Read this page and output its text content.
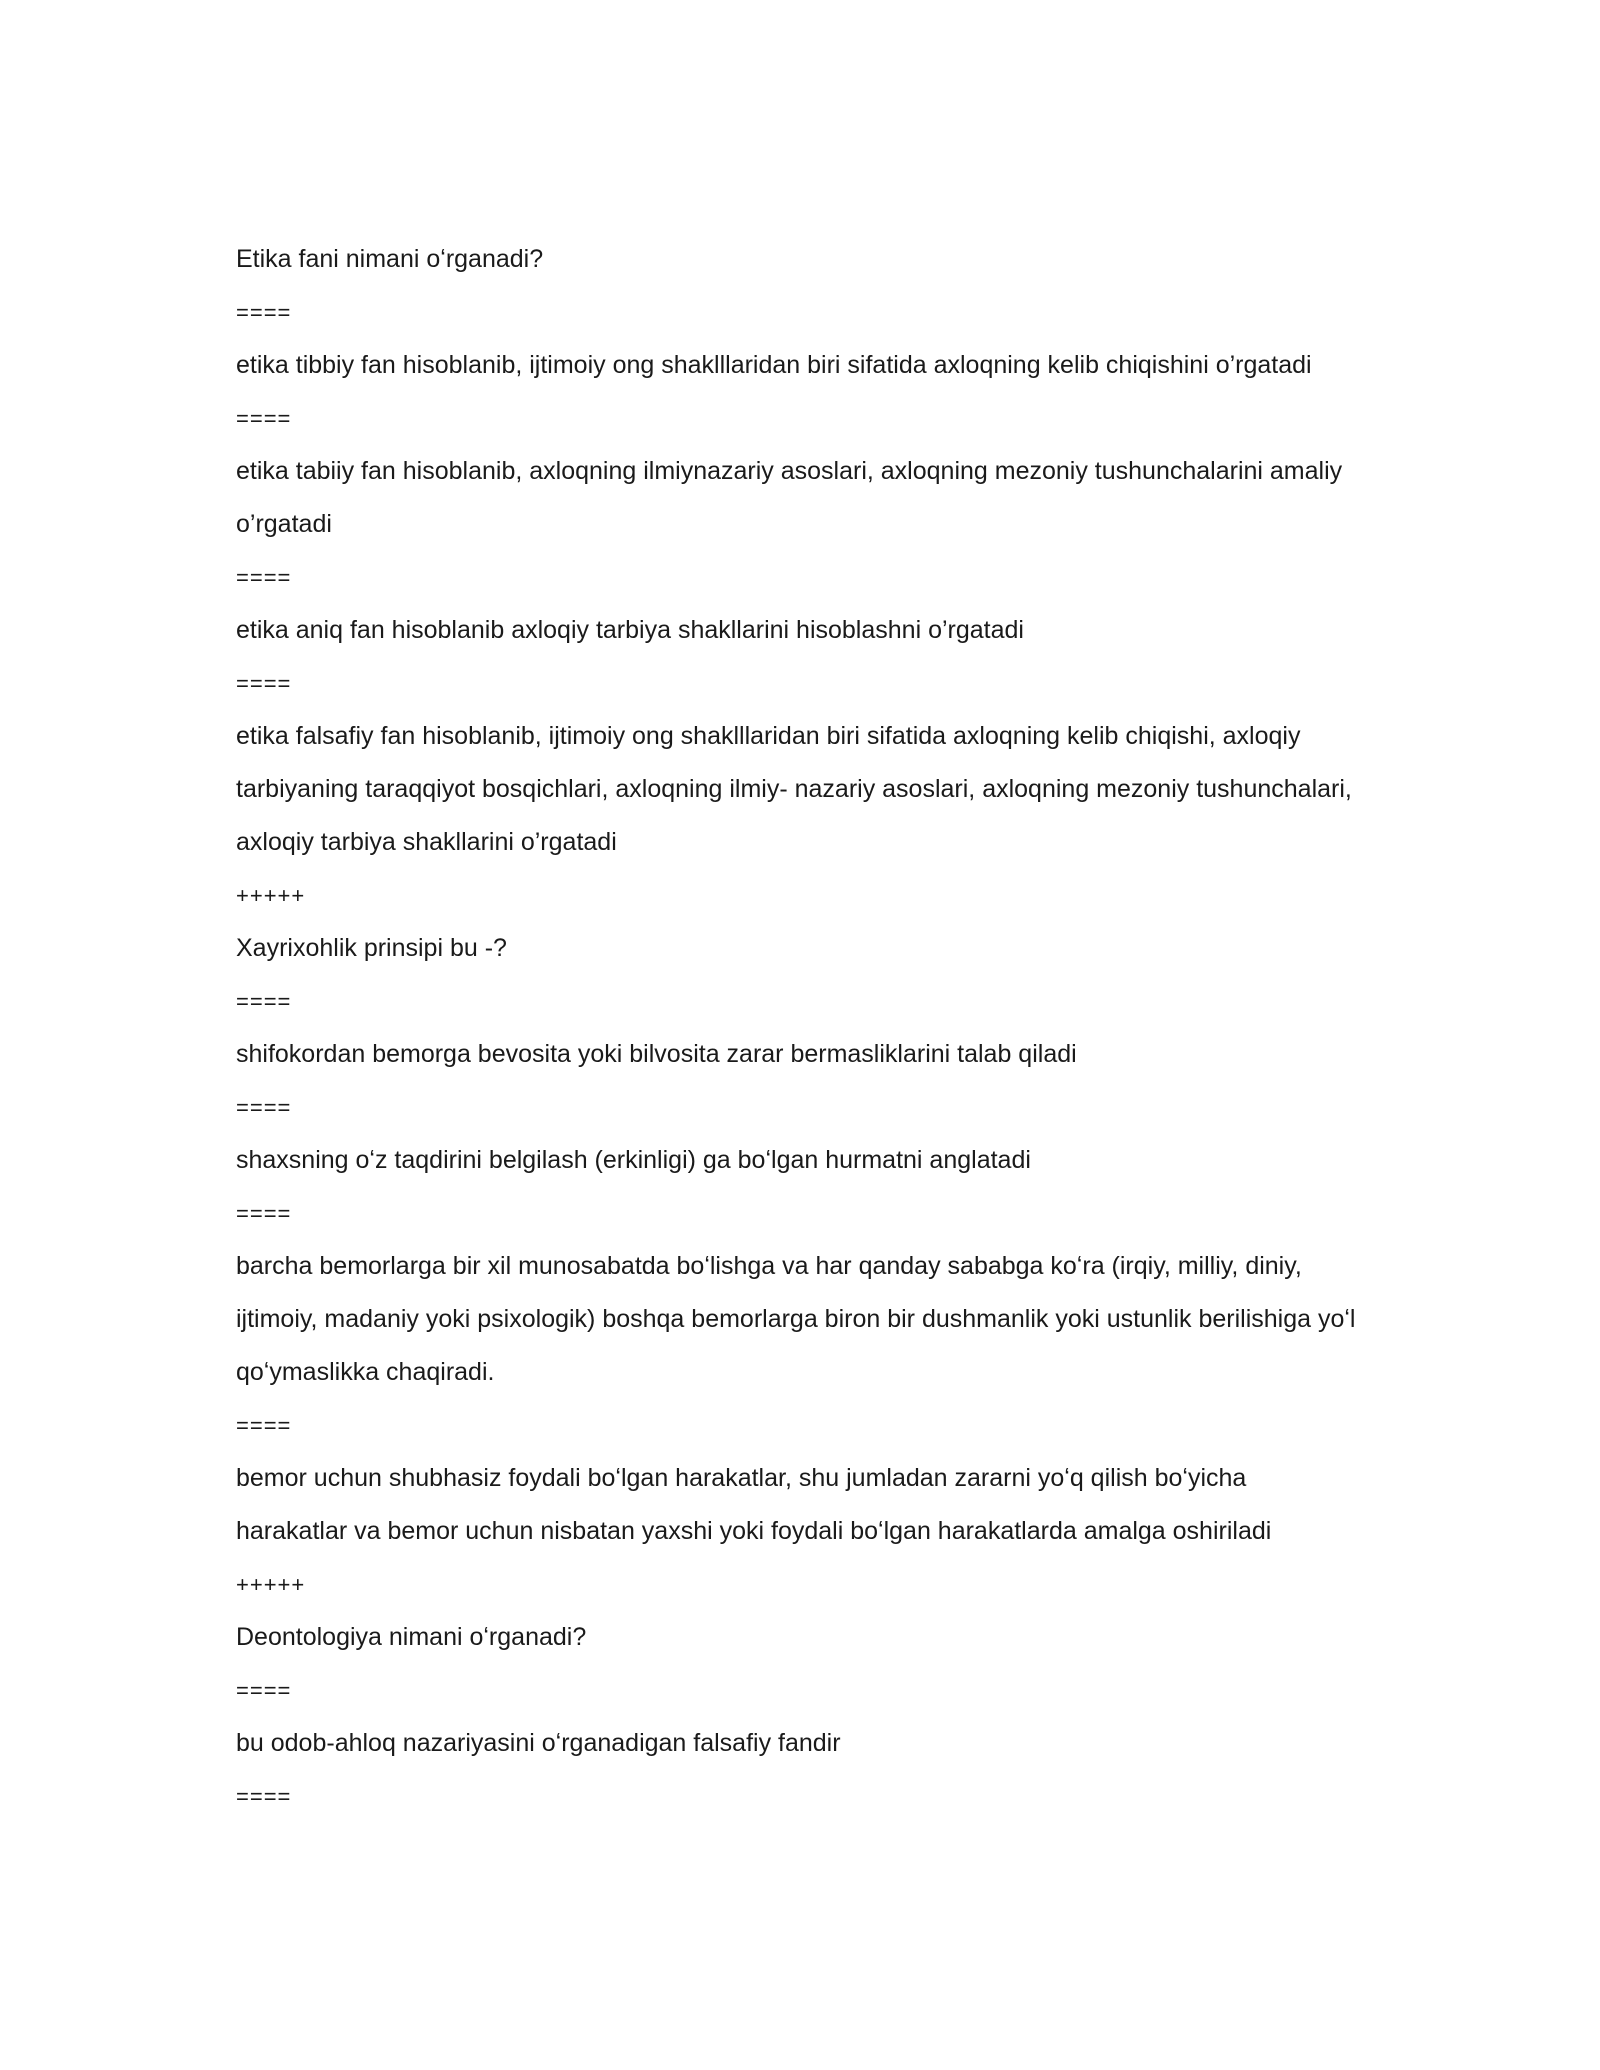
Etika fani nimani oʻrganadi?

====

etika tibbiy fan hisoblanib, ijtimoiy ong shaklllaridan biri sifatida axloqning kelib chiqishini o’rgatadi

====

etika tabiiy fan hisoblanib, axloqning ilmiynazariy asoslari, axloqning mezoniy tushunchalarini amaliy o’rgatadi

====

etika aniq fan hisoblanib axloqiy tarbiya shakllarini hisoblashni o’rgatadi

====

etika falsafiy fan hisoblanib, ijtimoiy ong shaklllaridan biri sifatida axloqning kelib chiqishi, axloqiy tarbiyaning taraqqiyot bosqichlari, axloqning ilmiy- nazariy asoslari, axloqning mezoniy tushunchalari, axloqiy tarbiya shakllarini o’rgatadi

+++++

Xayrixohlik prinsipi bu -?

====

shifokordan bemorga bevosita yoki bilvosita zarar bermasliklarini talab qiladi

====

shaxsning oʻz taqdirini belgilash (erkinligi) ga boʻlgan hurmatni anglatadi

====

barcha bemorlarga bir xil munosabatda boʻlishga va har qanday sababga koʻra (irqiy, milliy, diniy, ijtimoiy, madaniy yoki psixologik) boshqa bemorlarga biron bir dushmanlik yoki ustunlik berilishiga yoʻl qoʻymaslikka chaqiradi.

====

bemor uchun shubhasiz foydali boʻlgan harakatlar, shu jumladan zararni yoʻq qilish boʻyicha harakatlar va bemor uchun nisbatan yaxshi yoki foydali boʻlgan harakatlarda amalga oshiriladi

+++++

Deontologiya nimani oʻrganadi?

====

bu odob-ahloq nazariyasini oʻrganadigan falsafiy fandir

====
